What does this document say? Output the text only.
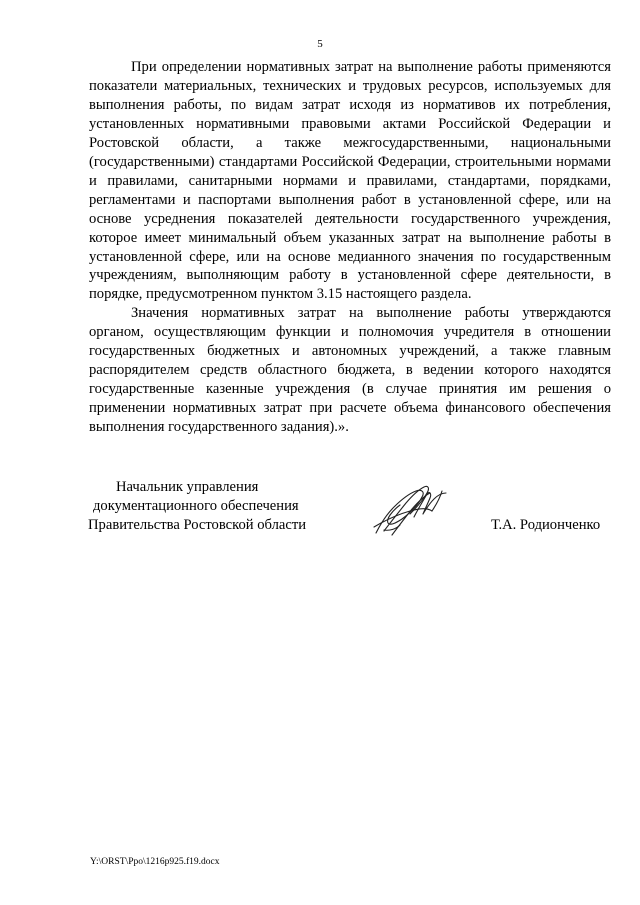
5

При определении нормативных затрат на выполнение работы применяются показатели материальных, технических и трудовых ресурсов, используемых для выполнения работы, по видам затрат исходя из нормативов их потребления, установленных нормативными правовыми актами Российской Федерации и Ростовской области, а также межгосударственными, национальными (государственными) стандартами Российской Федерации, строительными нормами и правилами, санитарными нормами и правилами, стандартами, порядками, регламентами и паспортами выполнения работ в установленной сфере, или на основе усреднения показателей деятельности государственного учреждения, которое имеет минимальный объем указанных затрат на выполнение работы в установленной сфере, или на основе медианного значения по государственным учреждениям, выполняющим работу в установленной сфере деятельности, в порядке, предусмотренном пунктом 3.15 настоящего раздела.

Значения нормативных затрат на выполнение работы утверждаются органом, осуществляющим функции и полномочия учредителя в отношении государственных бюджетных и автономных учреждений, а также главным распорядителем средств областного бюджета, в ведении которого находятся государственные казенные учреждения (в случае принятия им решения о применении нормативных затрат при расчете объема финансового обеспечения выполнения государственного задания).».

Начальник управления
документационного обеспечения
Правительства Ростовской области	Т.А. Родионченко
Y:\ORST\Ppo\1216p925.f19.docx
